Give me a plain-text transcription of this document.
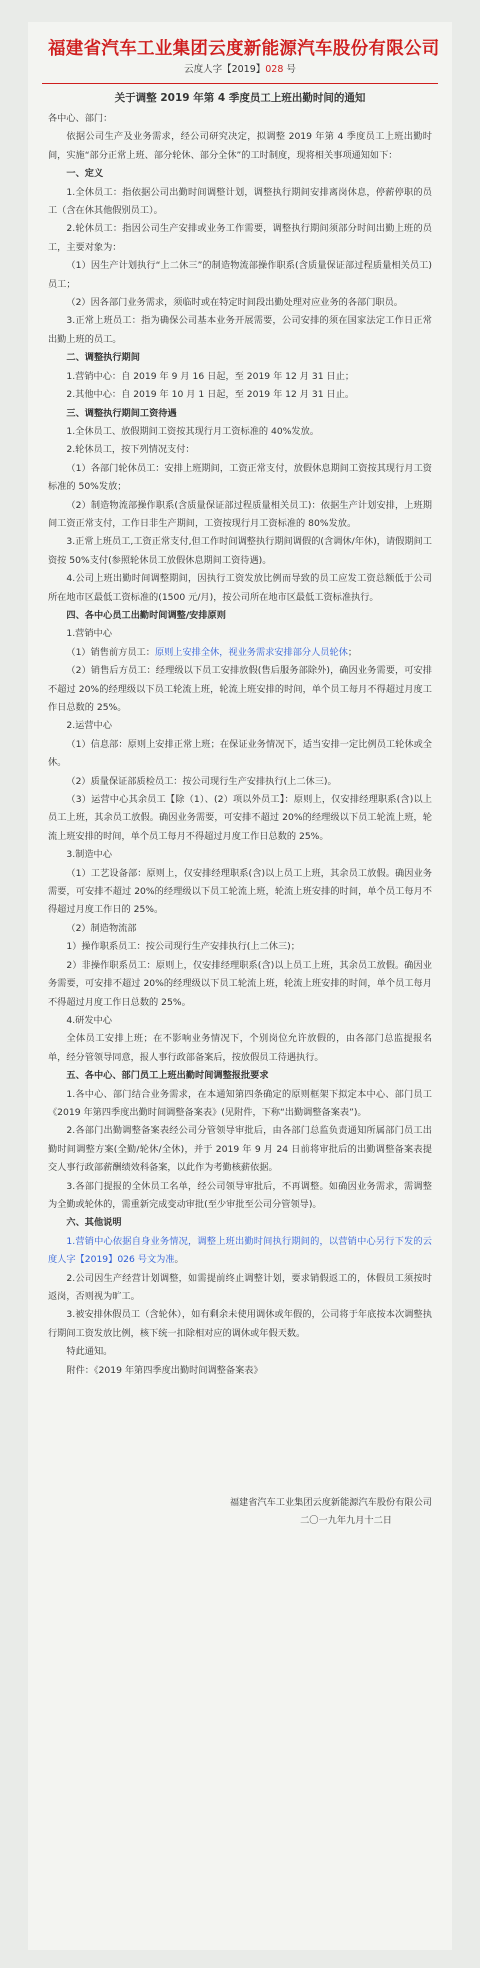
福建省汽车工业集团云度新能源汽车股份有限公司
云度人字【2019】028 号
关于调整 2019 年第 4 季度员工上班出勤时间的通知

各中心、部门：

依据公司生产及业务需求，经公司研究决定，拟调整 2019 年第 4 季度员工上班出勤时间，实施“部分正常上班、部分轮休、部分全休”的工时制度，现将相关事项通知如下：

一、定义

1.全休员工：指依据公司出勤时间调整计划，调整执行期间安排离岗休息，停薪停职的员工（含在休其他假别员工）。

2.轮休员工：指因公司生产安排或业务工作需要，调整执行期间须部分时间出勤上班的员工，主要对象为：

（1）因生产计划执行“上二休三”的制造物流部操作职系(含质量保证部过程质量相关员工)员工；

（2）因各部门业务需求，须临时或在特定时间段出勤处理对应业务的各部门职员。

3.正常上班员工：指为确保公司基本业务开展需要，公司安排的须在国家法定工作日正常出勤上班的员工。

二、调整执行期间

1.营销中心：自 2019 年 9 月 16 日起，至 2019 年 12 月 31 日止；

2.其他中心：自 2019 年 10 月 1 日起，至 2019 年 12 月 31 日止。

三、调整执行期间工资待遇

1.全休员工、放假期间工资按其现行月工资标准的 40%发放。

2.轮休员工，按下列情况支付：

（1）各部门轮休员工：安排上班期间，工资正常支付，放假休息期间工资按其现行月工资标准的 50%发放；

（2）制造物流部操作职系(含质量保证部过程质量相关员工)：依据生产计划安排，上班期间工资正常支付，工作日非生产期间，工资按现行月工资标准的 80%发放。

3.正常上班员工,工资正常支付,但工作时间调整执行期间调假的(含调休/年休)，请假期间工资按 50%支付(参照轮休员工放假休息期间工资待遇)。

4.公司上班出勤时间调整期间，因执行工资发放比例而导致的员工应发工资总额低于公司所在地市区最低工资标准的(1500 元/月)，按公司所在地市区最低工资标准执行。

四、各中心员工出勤时间调整/安排原则

1.营销中心

（1）销售前方员工：原则上安排全休，视业务需求安排部分人员轮休；

（2）销售后方员工：经理级以下员工安排放假(售后服务部除外)，确因业务需要，可安排不超过 20%的经理级以下员工轮流上班，轮流上班安排的时间，单个员工每月不得超过月度工作日总数的 25%。

2.运营中心

（1）信息部：原则上安排正常上班；在保证业务情况下，适当安排一定比例员工轮休或全休。

（2）质量保证部质检员工：按公司现行生产安排执行(上二休三)。

（3）运营中心其余员工【除（1）、(2）项以外员工】：原则上，仅安排经理职系(含)以上员工上班，其余员工放假。确因业务需要，可安排不超过 20%的经理级以下员工轮流上班，轮流上班安排的时间，单个员工每月不得超过月度工作日总数的 25%。

3.制造中心

（1）工艺设备部：原则上，仅安排经理职系(含)以上员工上班，其余员工放假。确因业务需要，可安排不超过 20%的经理级以下员工轮流上班，轮流上班安排的时间，单个员工每月不得超过月度工作日的 25%。

（2）制造物流部

1）操作职系员工：按公司现行生产安排执行(上二休三)；

2）非操作职系员工：原则上，仅安排经理职系(含)以上员工上班，其余员工放假。确因业务需要，可安排不超过 20%的经理级以下员工轮流上班，轮流上班安排的时间，单个员工每月不得超过月度工作日总数的 25%。

4.研发中心

全体员工安排上班；在不影响业务情况下，个别岗位允许放假的，由各部门总监提报名单，经分管领导同意，报人事行政部备案后，按放假员工待遇执行。

五、各中心、部门员工上班出勤时间调整报批要求

1.各中心、部门结合业务需求，在本通知第四条确定的原则框架下拟定本中心、部门员工《2019 年第四季度出勤时间调整备案表》(见附件，下称“出勤调整备案表”)。

2.各部门出勤调整备案表经公司分管领导审批后，由各部门总监负责通知所属部门员工出勤时间调整方案(全勤/轮休/全休)，并于 2019 年 9 月 24 日前将审批后的出勤调整备案表提交人事行政部薪酬绩效科备案，以此作为考勤核薪依据。

3.各部门提报的全休员工名单，经公司领导审批后，不再调整。如确因业务需求，需调整为全勤或轮休的，需重新完成变动审批(至少审批至公司分管领导)。

六、其他说明

1.营销中心依据自身业务情况，调整上班出勤时间执行期间的，以营销中心另行下发的云度人字【2019】026 号文为准。

2.公司因生产经营计划调整，如需提前终止调整计划，要求销假返工的，休假员工须按时返岗，否则视为旷工。

3.被安排休假员工（含轮休），如有剩余未使用调休或年假的，公司将于年底按本次调整执行期间工资发放比例，核下统一扣除相对应的调休或年假天数。

特此通知。

附件：《2019 年第四季度出勤时间调整备案表》

福建省汽车工业集团云度新能源汽车股份有限公司
二〇一九年九月十二日
